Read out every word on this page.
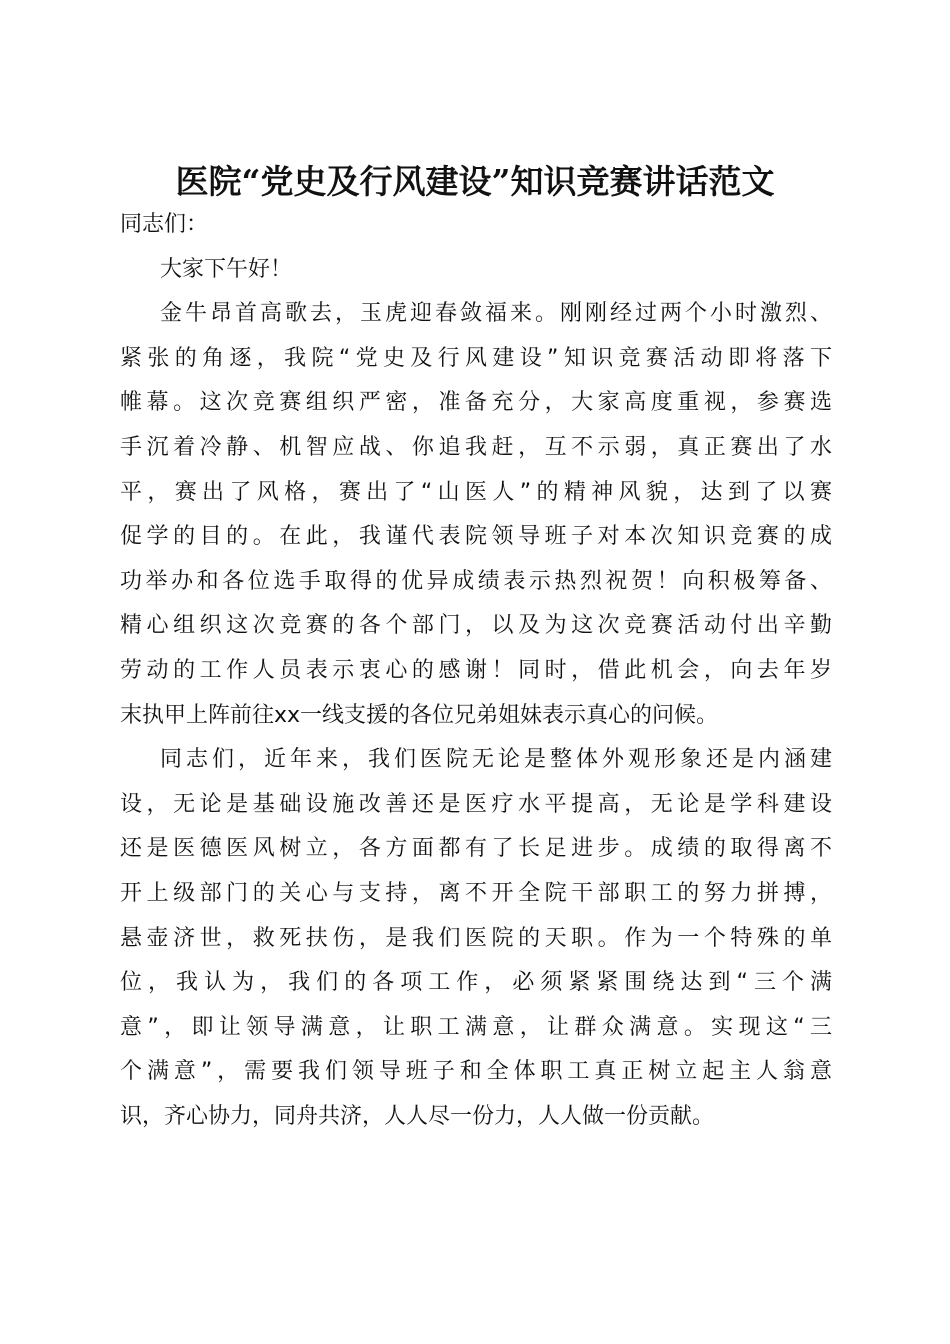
医院“党史及行风建设”知识竞赛讲话范文

同志们：

大家下午好！

金牛昂首高歌去，玉虎迎春敛福来。刚刚经过两个小时激烈、
紧张的角逐，我院“党史及行风建设”知识竞赛活动即将落下
帷幕。这次竞赛组织严密，准备充分，大家高度重视，参赛选
手沉着冷静、机智应战、你追我赶，互不示弱，真正赛出了水
平，赛出了风格，赛出了“山医人”的精神风貌，达到了以赛
促学的目的。在此，我谨代表院领导班子对本次知识竞赛的成
功举办和各位选手取得的优异成绩表示热烈祝贺！向积极筹备、
精心组织这次竞赛的各个部门，以及为这次竞赛活动付出辛勤
劳动的工作人员表示衷心的感谢！同时，借此机会，向去年岁
末执甲上阵前往xx一线支援的各位兄弟姐妹表示真心的问候。

同志们，近年来，我们医院无论是整体外观形象还是内涵建
设，无论是基础设施改善还是医疗水平提高，无论是学科建设
还是医德医风树立，各方面都有了长足进步。成绩的取得离不
开上级部门的关心与支持，离不开全院干部职工的努力拼搏，
悬壶济世，救死扶伤，是我们医院的天职。作为一个特殊的单
位，我认为，我们的各项工作，必须紧紧围绕达到“三个满
意”，即让领导满意，让职工满意，让群众满意。实现这“三
个满意”，需要我们领导班子和全体职工真正树立起主人翁意
识，齐心协力，同舟共济，人人尽一份力，人人做一份贡献。
